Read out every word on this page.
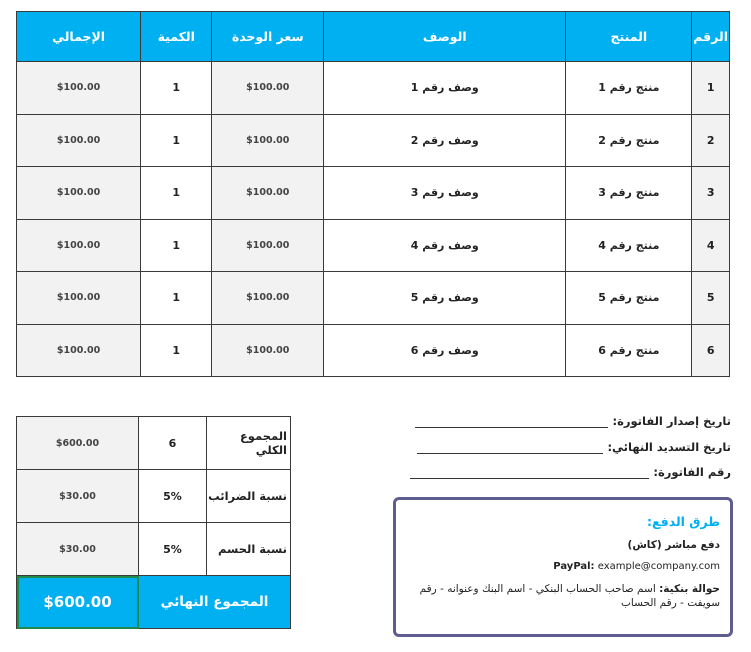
الرقم	المنتج	الوصف	سعر الوحدة	الكمية	الإجمالي
1	منتج رقم 1	وصف رقم 1	$100.00	1	$100.00
2	منتج رقم 2	وصف رقم 2	$100.00	1	$100.00
3	منتج رقم 3	وصف رقم 3	$100.00	1	$100.00
4	منتج رقم 4	وصف رقم 4	$100.00	1	$100.00
5	منتج رقم 5	وصف رقم 5	$100.00	1	$100.00
6	منتج رقم 6	وصف رقم 6	$100.00	1	$100.00
المجموع الكلي	6	$600.00
نسبة الضرائب	5%	$30.00
نسبة الحسم	5%	$30.00
المجموع النهائي		$600.00
تاريخ إصدار الفاتورة:
تاريخ التسديد النهائي:
رقم الفاتورة:
طرق الدفع:
دفع مباشر (كاش)
PayPal: example@company.com
حوالة بنكية: اسم صاحب الحساب البنكي - اسم البنك وعنوانه - رقم سويفت - رقم الحساب
